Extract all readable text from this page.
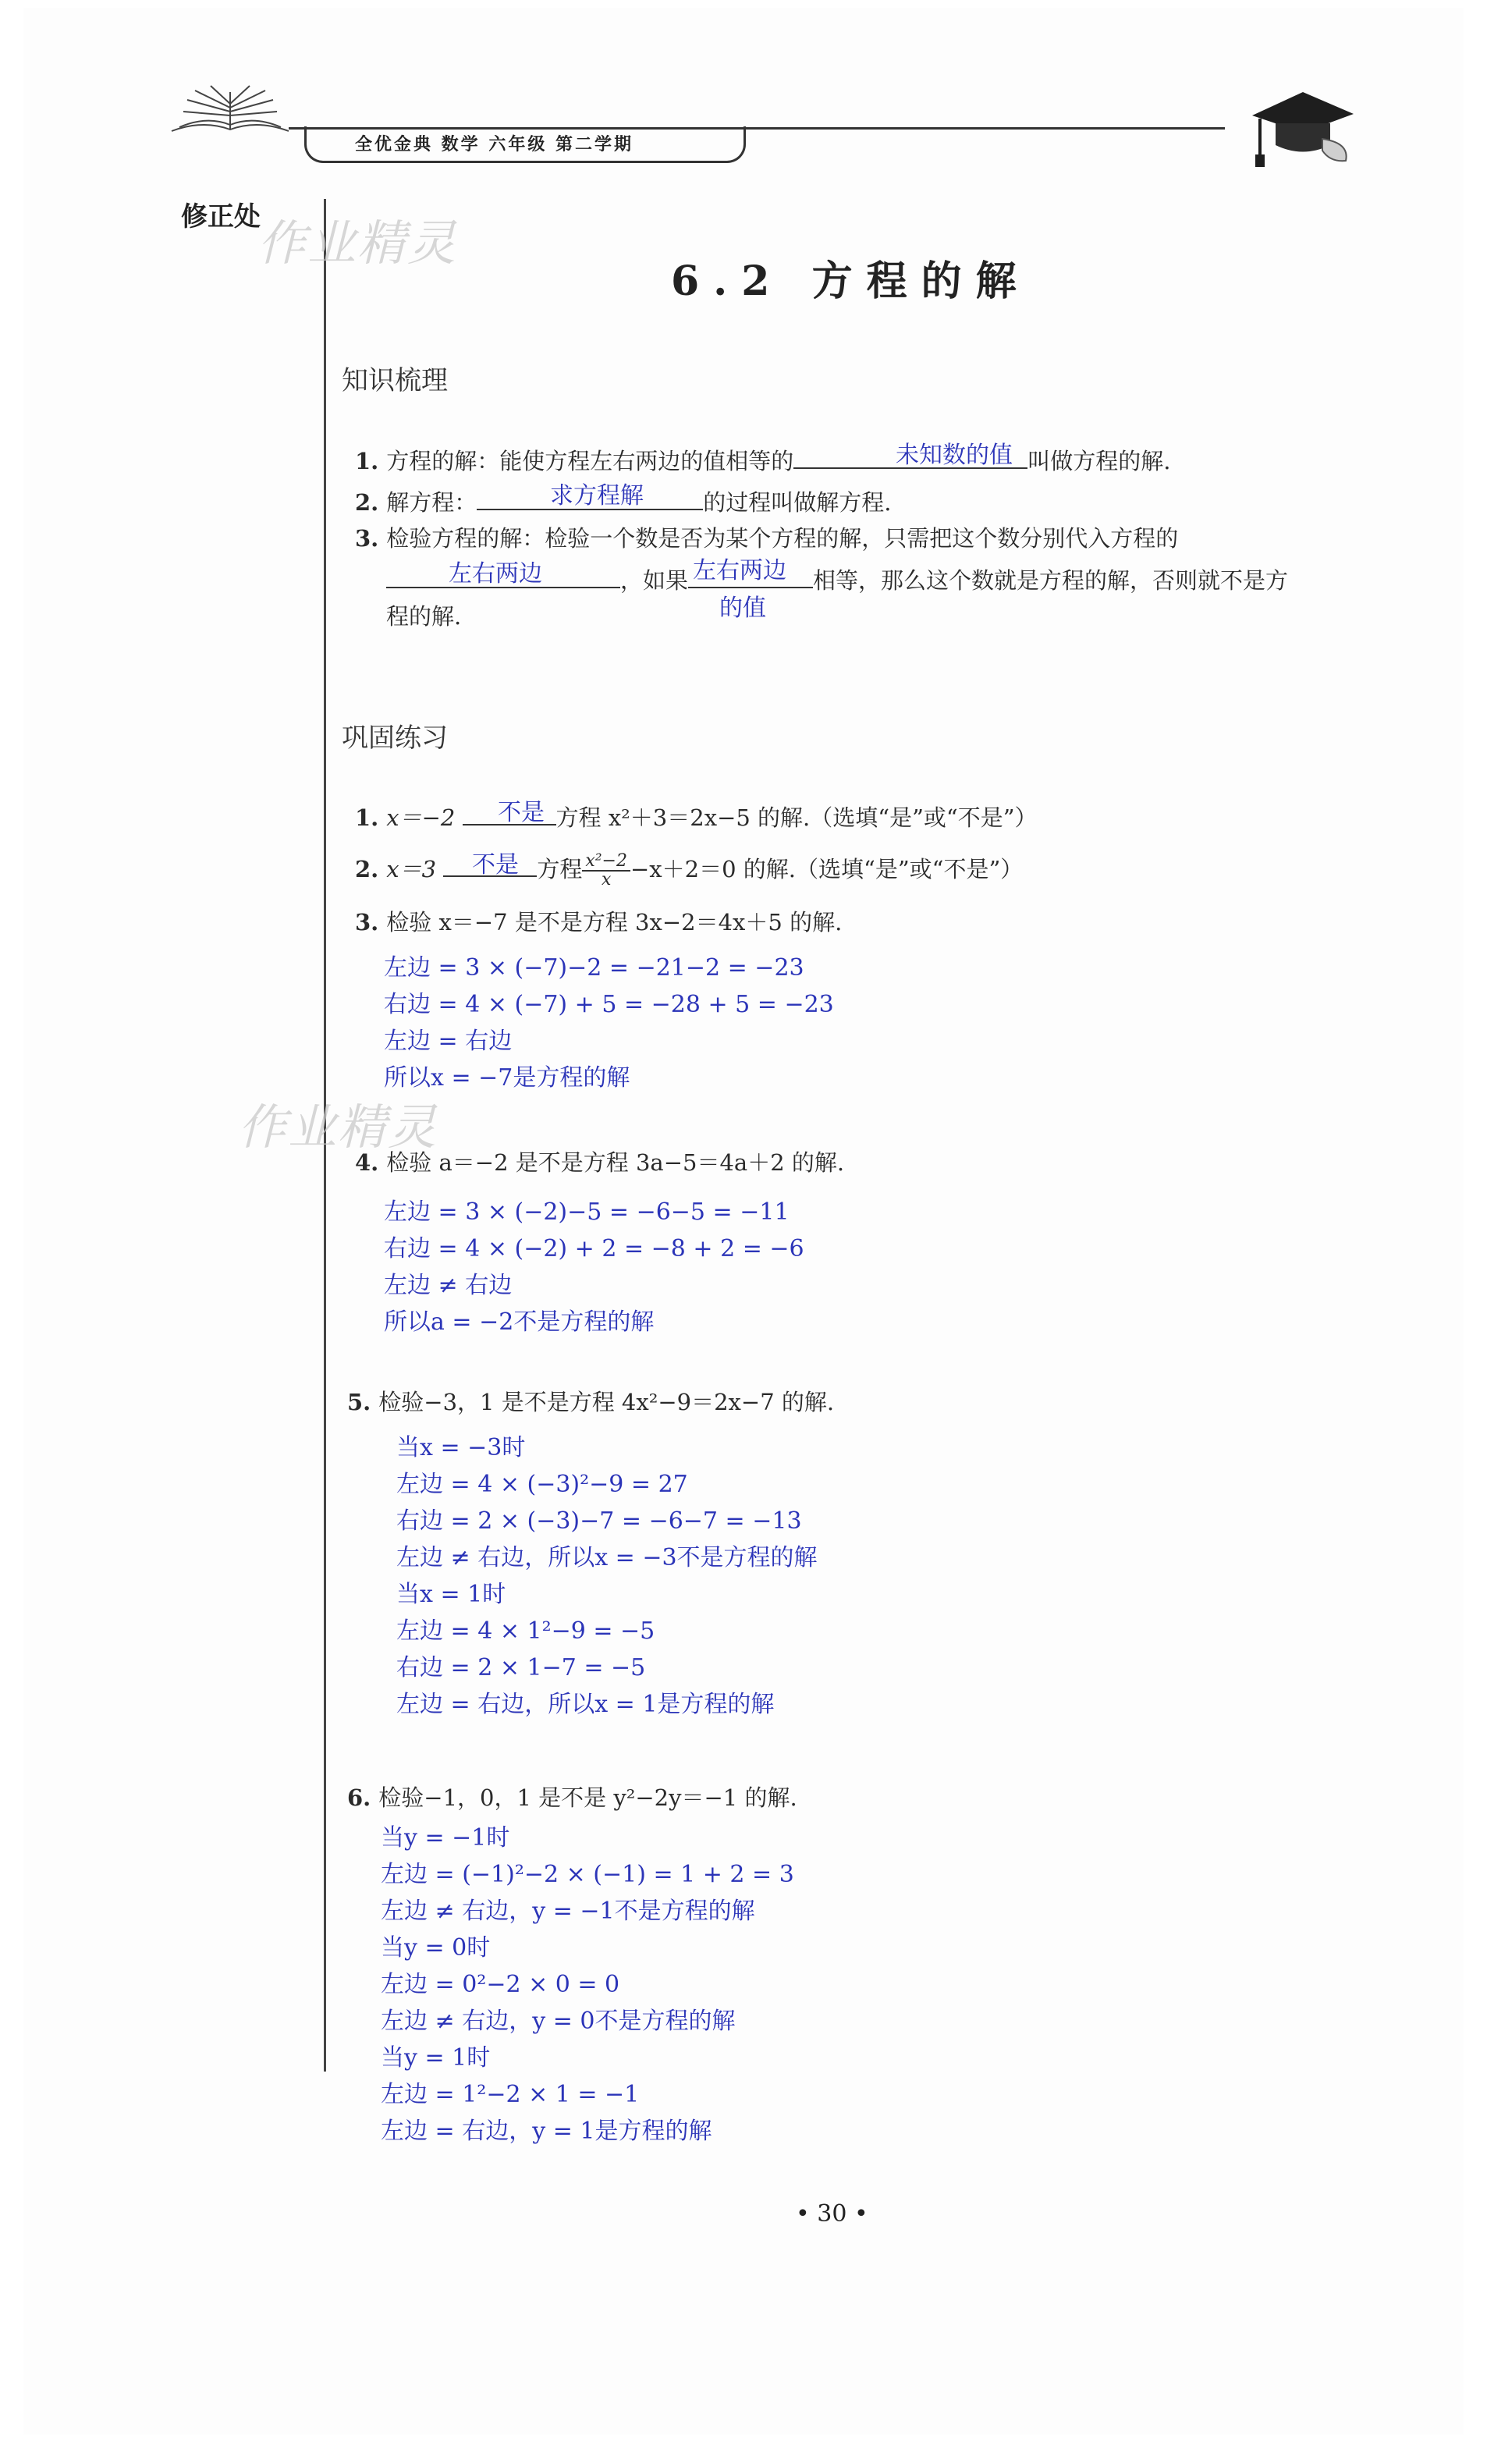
全优金典 数学 六年级 第二学期
修正处
作业精灵
作业精灵
6.2 方程的解
知识梳理
1. 方程的解：能使方程左右两边的值相等的	叫做方程的解.
未知数的值
2. 解方程：	的过程叫做解方程.
求方程解
3. 检验方程的解：检验一个数是否为某个方程的解，只需把这个数分别代入方程的
，如果	相等，那么这个数就是方程的解，否则就不是方
左右两边	左右两边
的值
程的解.
巩固练习
1. x＝−2	方程 x²＋3＝2x−5 的解.（选填“是”或“不是”）
不是
2. x＝3	方程 $\frac{\text{x²−2}}{x} -x+2=0$ 的解.（选填“是”或“不是”）
不是
3. 检验 x＝−7 是不是方程 3x−2＝4x＋5 的解.
左边 = 3 × (−7)−2 = −21−2 = −23
右边 = 4 × (−7) + 5 = −28 + 5 = −23
左边 = 右边
所以x = −7是方程的解
4. 检验 a＝−2 是不是方程 3a−5＝4a＋2 的解.
左边 = 3 × (−2)−5 = −6−5 = −11
右边 = 4 × (−2) + 2 = −8 + 2 = −6
左边 ≠ 右边
所以a = −2不是方程的解
5. 检验−3，1 是不是方程 4x²−9＝2x−7 的解.
当x = −3时
左边 = 4 × (−3)²−9 = 27
右边 = 2 × (−3)−7 = −6−7 = −13
左边 ≠ 右边，所以x = −3不是方程的解
当x = 1时
左边 = 4 × 1²−9 = −5
右边 = 2 × 1−7 = −5
左边 = 右边，所以x = 1是方程的解
6. 检验−1，0，1 是不是 y²−2y＝−1 的解.
当y = −1时
左边 = (−1)²−2 × (−1) = 1 + 2 = 3
左边 ≠ 右边，y = −1不是方程的解
当y = 0时
左边 = 0²−2 × 0 = 0
左边 ≠ 右边，y = 0不是方程的解
当y = 1时
左边 = 1²−2 × 1 = −1
左边 = 右边，y = 1是方程的解
• 30 •
